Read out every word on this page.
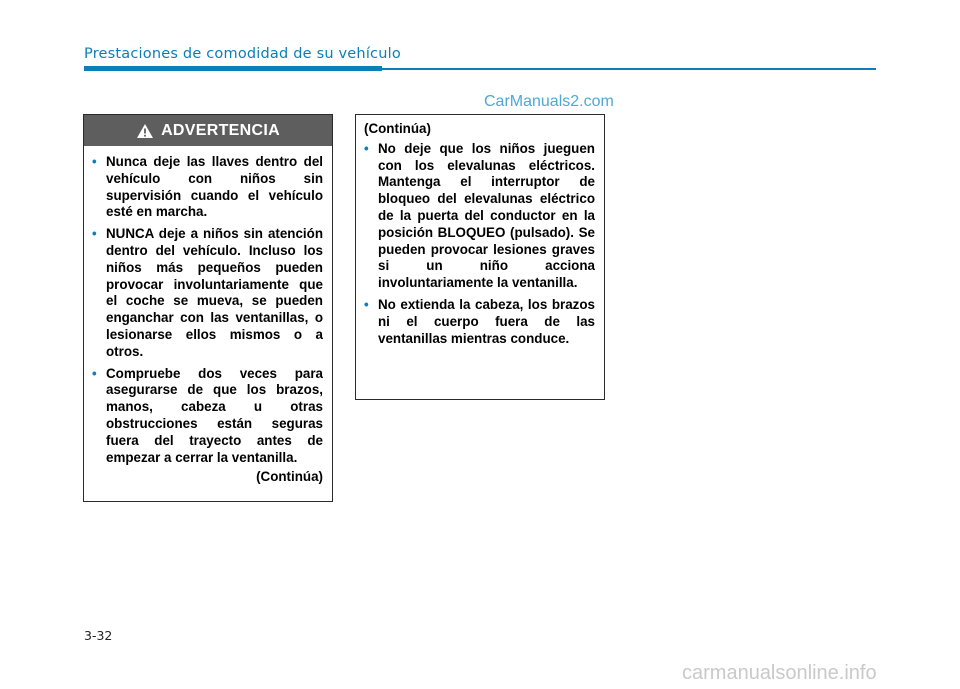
Prestaciones de comodidad de su vehículo
CarManuals2.com
ADVERTENCIA
• Nunca deje las llaves dentro del vehículo con niños sin supervisión cuando el vehículo esté en marcha.
• NUNCA deje a niños sin atención dentro del vehículo. Incluso los niños más pequeños pueden provocar involuntariamente que el coche se mueva, se pueden enganchar con las ventanillas, o lesionarse ellos mismos o a otros.
• Compruebe dos veces para asegurarse de que los brazos, manos, cabeza u otras obstrucciones están seguras fuera del trayecto antes de empezar a cerrar la ventanilla.
(Continúa)
(Continúa)
• No deje que los niños jueguen con los elevalunas eléctricos. Mantenga el interruptor de bloqueo del elevalunas eléctrico de la puerta del conductor en la posición BLOQUEO (pulsado). Se pueden provocar lesiones graves si un niño acciona involuntariamente la ventanilla.
• No extienda la cabeza, los brazos ni el cuerpo fuera de las ventanillas mientras conduce.
3-32
carmanualsonline.info
